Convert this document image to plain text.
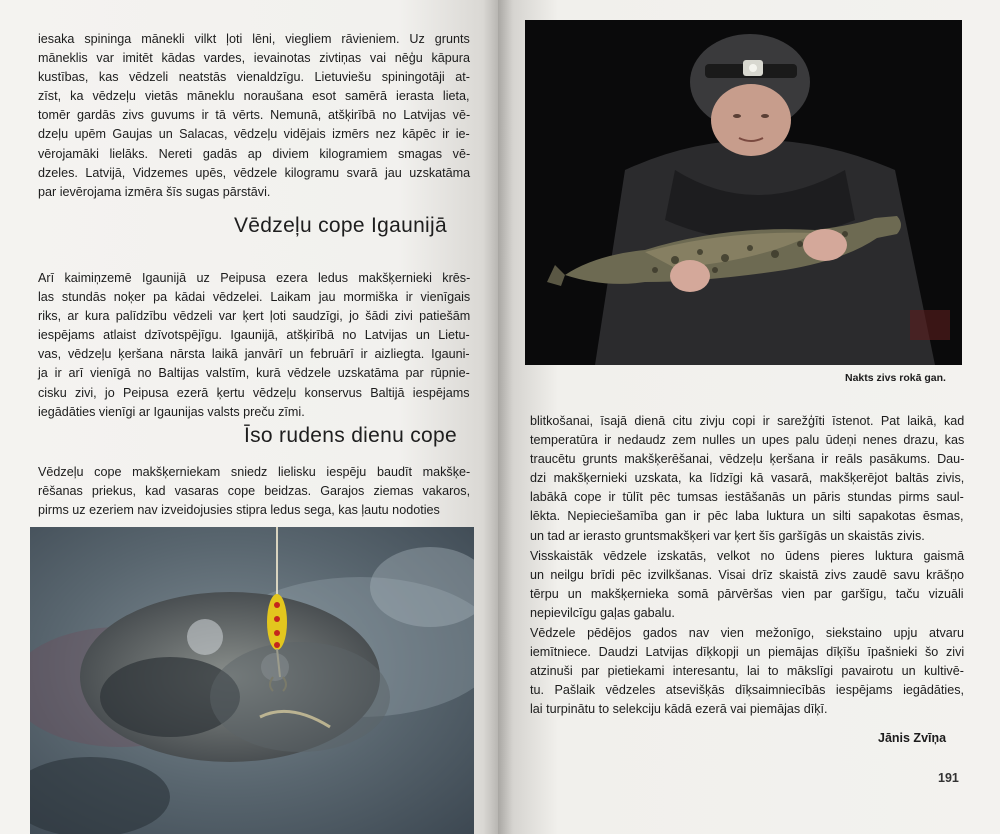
iesaka spininga mānekli vilkt ļoti lēni, viegliem rāvieniem. Uz grunts
māneklis var imitēt kādas vardes, ievainotas zivtiņas vai nēģu kāpura
kustības, kas vēdzeli neatstās vienaldzīgu. Lietuviešu spiningotāji at-
zīst, ka vēdzeļu vietās māneklu noraušana esot samērā ierasta lieta,
tomēr gardās zivs guvums ir tā vērts. Nemunā, atšķirībā no Latvijas vē-
dzeļu upēm Gaujas un Salacas, vēdzeļu vidējais izmērs nez kāpēc ir ie-
vērojamāki lielāks. Nereti gadās ap diviem kilogramiem smagas vē-
dzeles. Latvijā, Vidzemes upēs, vēdzele kilogramu svarā jau uzskatāma
par ievērojama izmēra šīs sugas pārstāvi.
Vēdzeļu cope Igaunijā
Arī kaimiņzemē Igaunijā uz Peipusa ezera ledus makšķernieki krēs-
las stundās noķer pa kādai vēdzelei. Laikam jau mormiška ir vienīgais
riks, ar kura palīdzību vēdzeli var ķert ļoti saudzīgi, jo šādi zivi patiešām
iespējams atlaist dzīvotspējīgu. Igaunijā, atšķirībā no Latvijas un Lietu-
vas, vēdzeļu ķeršana nārsta laikā janvārī un februārī ir aizliegta. Igauni-
ja ir arī vienīgā no Baltijas valstīm, kurā vēdzele uzskatāma par rūpnie-
cisku zivi, jo Peipusa ezerā ķertu vēdzeļu konservus Baltijā iespējams
iegādāties vienīgi ar Igaunijas valsts preču zīmi.
Īso rudens dienu cope
Vēdzeļu cope makšķerniekam sniedz lielisku iespēju baudīt makšķe-
rēšanas priekus, kad vasaras cope beidzas. Garajos ziemas vakaros,
pirms uz ezeriem nav izveidojusies stipra ledus sega, kas ļautu nodoties
Nakts zivs rokā gan.
blitkošanai, īsajā dienā citu zivju copi ir sarežģīti īstenot. Pat laikā, kad
temperatūra ir nedaudz zem nulles un upes palu ūdeņi nenes drazu, kas
traucētu grunts makšķerēšanai, vēdzeļu ķeršana ir reāls pasākums. Dau-
dzi makšķernieki uzskata, ka līdzīgi kā vasarā, makšķerējot baltās zivis,
labākā cope ir tūlīt pēc tumsas iestāšanās un pāris stundas pirms saul-
lēkta. Nepieciešamība gan ir pēc laba luktura un silti sapakotas ēsmas,
un tad ar ierasto gruntsmakšķeri var ķert šīs garšīgās un skaistās zivis.
Visskaistāk vēdzele izskatās, velkot no ūdens pieres luktura gaismā
un neilgu brīdi pēc izvilkšanas. Visai drīz skaistā zivs zaudē savu krāšņo
tērpu un makšķernieka somā pārvēršas vien par garšīgu, taču vizuāli
nepievilcīgu gaļas gabalu.
Vēdzele pēdējos gados nav vien mežonīgo, siekstaino upju atvaru
iemītniece. Daudzi Latvijas dīķkopji un piemājas dīķīšu īpašnieki šo zivi
atzinuši par pietiekami interesantu, lai to mākslīgi pavairotu un kultivē-
tu. Pašlaik vēdzeles atsevišķās dīķsaimniecībās iespējams iegādāties,
lai turpinātu to selekciju kādā ezerā vai piemājas dīķī.
Jānis Zvīņa
191
